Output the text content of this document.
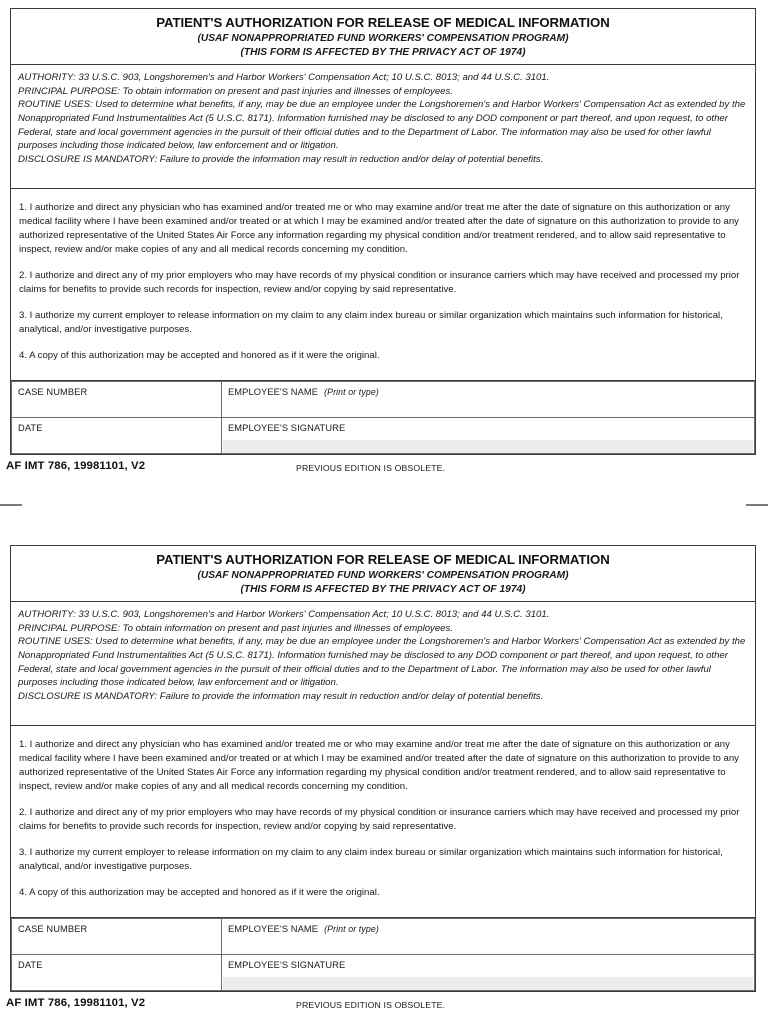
PATIENT'S AUTHORIZATION FOR RELEASE OF MEDICAL INFORMATION
(USAF NONAPPROPRIATED FUND WORKERS' COMPENSATION PROGRAM)
(THIS FORM IS AFFECTED BY THE PRIVACY ACT OF 1974)

AUTHORITY: 33 U.S.C. 903, Longshoremen's and Harbor Workers' Compensation Act; 10 U.S.C. 8013; and 44 U.S.C. 3101.

PRINCIPAL PURPOSE: To obtain information on present and past injuries and illnesses of employees.

ROUTINE USES: Used to determine what benefits, if any, may be due an employee under the Longshoremen's and Harbor Workers' Compensation Act as extended by the Nonappropriated Fund Instrumentalities Act (5 U.S.C. 8171). Information furnished may be disclosed to any DOD component or part thereof, and upon request, to other Federal, state and local government agencies in the pursuit of their official duties and to the Department of Labor. The information may also be used for other lawful purposes including those indicated below, law enforcement and or litigation.

DISCLOSURE IS MANDATORY: Failure to provide the information may result in reduction and/or delay of potential benefits.

1. I authorize and direct any physician who has examined and/or treated me or who may examine and/or treat me after the date of signature on this authorization or any medical facility where I have been examined and/or treated or at which I may be examined and/or treated after the date of signature on this authorization to provide to any authorized representative of the United States Air Force any information regarding my physical condition and/or treatment rendered, and to allow said representative to inspect, review and/or make copies of any and all medical records concerning my condition.

2. I authorize and direct any of my prior employers who may have records of my physical condition or insurance carriers which may have received and processed my prior claims for benefits to provide such records for inspection, review and/or copying by said representative.

3. I authorize my current employer to release information on my claim to any claim index bureau or similar organization which maintains such information for historical, analytical, and/or investigative purposes.

4. A copy of this authorization may be accepted and honored as if it were the original.

CASE NUMBER	EMPLOYEE'S NAME (Print or type)

DATE	EMPLOYEE'S SIGNATURE
AF IMT 786, 19981101, V2	PREVIOUS EDITION IS OBSOLETE.
PATIENT'S AUTHORIZATION FOR RELEASE OF MEDICAL INFORMATION
(USAF NONAPPROPRIATED FUND WORKERS' COMPENSATION PROGRAM)
(THIS FORM IS AFFECTED BY THE PRIVACY ACT OF 1974)

AUTHORITY: 33 U.S.C. 903, Longshoremen's and Harbor Workers' Compensation Act; 10 U.S.C. 8013; and 44 U.S.C. 3101.

PRINCIPAL PURPOSE: To obtain information on present and past injuries and illnesses of employees.

ROUTINE USES: Used to determine what benefits, if any, may be due an employee under the Longshoremen's and Harbor Workers' Compensation Act as extended by the Nonappropriated Fund Instrumentalities Act (5 U.S.C. 8171). Information furnished may be disclosed to any DOD component or part thereof, and upon request, to other Federal, state and local government agencies in the pursuit of their official duties and to the Department of Labor. The information may also be used for other lawful purposes including those indicated below, law enforcement and or litigation.

DISCLOSURE IS MANDATORY: Failure to provide the information may result in reduction and/or delay of potential benefits.

1. I authorize and direct any physician who has examined and/or treated me or who may examine and/or treat me after the date of signature on this authorization or any medical facility where I have been examined and/or treated or at which I may be examined and/or treated after the date of signature on this authorization to provide to any authorized representative of the United States Air Force any information regarding my physical condition and/or treatment rendered, and to allow said representative to inspect, review and/or make copies of any and all medical records concerning my condition.

2. I authorize and direct any of my prior employers who may have records of my physical condition or insurance carriers which may have received and processed my prior claims for benefits to provide such records for inspection, review and/or copying by said representative.

3. I authorize my current employer to release information on my claim to any claim index bureau or similar organization which maintains such information for historical, analytical, and/or investigative purposes.

4. A copy of this authorization may be accepted and honored as if it were the original.

CASE NUMBER	EMPLOYEE'S NAME (Print or type)

DATE	EMPLOYEE'S SIGNATURE
AF IMT 786, 19981101, V2	PREVIOUS EDITION IS OBSOLETE.
